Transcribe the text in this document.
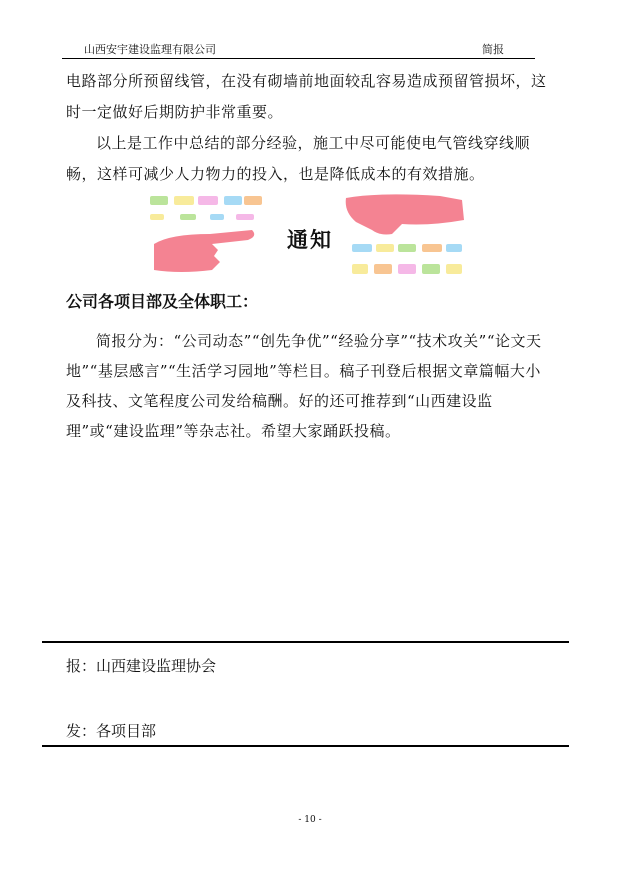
山西安宇建设监理有限公司	简报
电路部分所预留线管，在没有砌墙前地面较乱容易造成预留管损坏，这时一定做好后期防护非常重要。
以上是工作中总结的部分经验，施工中尽可能使电气管线穿线顺畅，这样可减少人力物力的投入，也是降低成本的有效措施。
通知
公司各项目部及全体职工：
简报分为：“公司动态”“创先争优”“经验分享”“技术攻关”“论文天地”“基层感言”“生活学习园地”等栏目。稿子刊登后根据文章篇幅大小及科技、文笔程度公司发给稿酬。好的还可推荐到“山西建设监理”或“建设监理”等杂志社。希望大家踊跃投稿。
报：山西建设监理协会
发：各项目部
- 10 -
